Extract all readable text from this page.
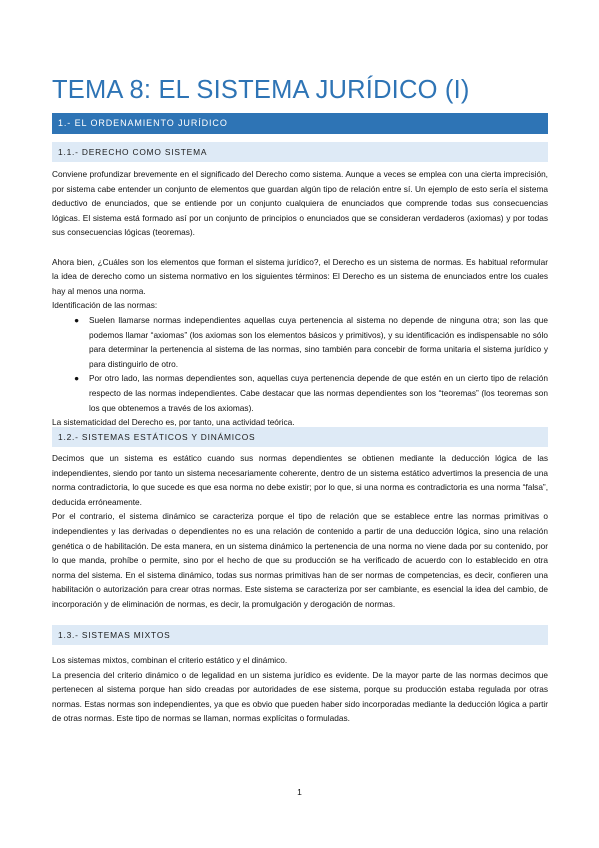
TEMA 8: EL SISTEMA JURÍDICO (I)
1.- EL ORDENAMIENTO JURÍDICO
1.1.- DERECHO COMO SISTEMA

Conviene profundizar brevemente en el significado del Derecho como sistema. Aunque a veces se emplea con una cierta imprecisión, por sistema cabe entender un conjunto de elementos que guardan algún tipo de relación entre sí. Un ejemplo de esto sería el sistema deductivo de enunciados, que se entiende por un conjunto cualquiera de enunciados que comprende todas sus consecuencias lógicas. El sistema está formado así por un conjunto de principios o enunciados que se consideran verdaderos (axiomas) y por todas sus consecuencias lógicas (teoremas).

Ahora bien, ¿Cuáles son los elementos que forman el sistema jurídico?, el Derecho es un sistema de normas. Es habitual reformular la idea de derecho como un sistema normativo en los siguientes términos: El Derecho es un sistema de enunciados entre los cuales hay al menos una norma.

Identificación de las normas:

● Suelen llamarse normas independientes aquellas cuya pertenencia al sistema no depende de ninguna otra; son las que podemos llamar “axiomas” (los axiomas son los elementos básicos y primitivos), y su identificación es indispensable no sólo para determinar la pertenencia al sistema de las normas, sino también para concebir de forma unitaria el sistema jurídico y para distinguirlo de otro.
● Por otro lado, las normas dependientes son, aquellas cuya pertenencia depende de que estén en un cierto tipo de relación respecto de las normas independientes. Cabe destacar que las normas dependientes son los “teoremas” (los teoremas son los que obtenemos a través de los axiomas).

La sistematicidad del Derecho es, por tanto, una actividad teórica.

1.2.- SISTEMAS ESTÁTICOS Y DINÁMICOS

Decimos que un sistema es estático cuando sus normas dependientes se obtienen mediante la deducción lógica de las independientes, siendo por tanto un sistema necesariamente coherente, dentro de un sistema estático advertimos la presencia de una norma contradictoria, lo que sucede es que esa norma no debe existir; por lo que, si una norma es contradictoria es una norma “falsa”, deducida erróneamente.

Por el contrario, el sistema dinámico se caracteriza porque el tipo de relación que se establece entre las normas primitivas o independientes y las derivadas o dependientes no es una relación de contenido a partir de una deducción lógica, sino una relación genética o de habilitación. De esta manera, en un sistema dinámico la pertenencia de una norma no viene dada por su contenido, por lo que manda, prohíbe o permite, sino por el hecho de que su producción se ha verificado de acuerdo con lo establecido en otra norma del sistema. En el sistema dinámico, todas sus normas primitivas han de ser normas de competencias, es decir, confieren una habilitación o autorización para crear otras normas. Este sistema se caracteriza por ser cambiante, es esencial la idea del cambio, de incorporación y de eliminación de normas, es decir, la promulgación y derogación de normas.

1.3.- SISTEMAS MIXTOS

Los sistemas mixtos, combinan el criterio estático y el dinámico.

La presencia del criterio dinámico o de legalidad en un sistema jurídico es evidente. De la mayor parte de las normas decimos que pertenecen al sistema porque han sido creadas por autoridades de ese sistema, porque su producción estaba regulada por otras normas. Estas normas son independientes, ya que es obvio que pueden haber sido incorporadas mediante la deducción lógica a partir de otras normas. Este tipo de normas se llaman, normas explícitas o formuladas.

1
